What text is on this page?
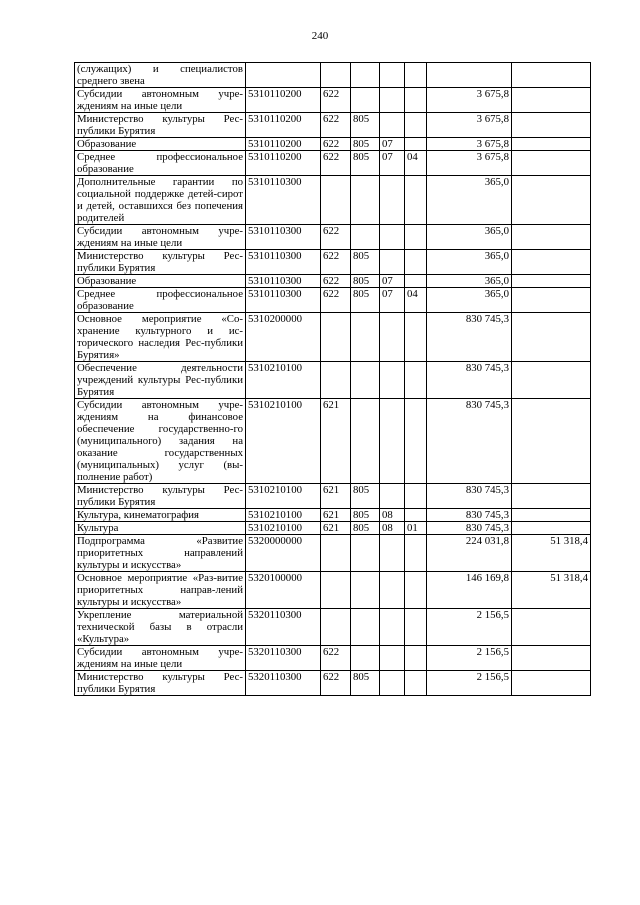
240
(служащих) и специалистов среднего звена							
Субсидии автономным учре-ждениям на иные цели	5310110200	622				3 675,8	
Министерство культуры Рес-публики Бурятия	5310110200	622	805			3 675,8	
Образование	5310110200	622	805	07		3 675,8	
Среднее профессиональное образование	5310110200	622	805	07	04	3 675,8	
Дополнительные гарантии по социальной поддержке детей-сирот и детей, оставшихся без попечения родителей	5310110300					365,0	
Субсидии автономным учре-ждениям на иные цели	5310110300	622				365,0	
Министерство культуры Рес-публики Бурятия	5310110300	622	805			365,0	
Образование	5310110300	622	805	07		365,0	
Среднее профессиональное образование	5310110300	622	805	07	04	365,0	
Основное мероприятие «Со-хранение культурного и ис-торического наследия Рес-публики Бурятия»	5310200000					830 745,3	
Обеспечение деятельности учреждений культуры Рес-публики Бурятия	5310210100					830 745,3	
Субсидии автономным учре-ждениям на финансовое обеспечение государственно-го (муниципального) задания на оказание государственных (муниципальных) услуг (вы-полнение работ)	5310210100	621				830 745,3	
Министерство культуры Рес-публики Бурятия	5310210100	621	805			830 745,3	
Культура, кинематография	5310210100	621	805	08		830 745,3	
Культура	5310210100	621	805	08	01	830 745,3	
Подпрограмма «Развитие приоритетных направлений культуры и искусства»	5320000000					224 031,8	51 318,4
Основное мероприятие «Раз-витие приоритетных направ-лений культуры и искусства»	5320100000					146 169,8	51 318,4
Укрепление материальной технической базы в отрасли «Культура»	5320110300					2 156,5	
Субсидии автономным учре-ждениям на иные цели	5320110300	622				2 156,5	
Министерство культуры Рес-публики Бурятия	5320110300	622	805			2 156,5	
